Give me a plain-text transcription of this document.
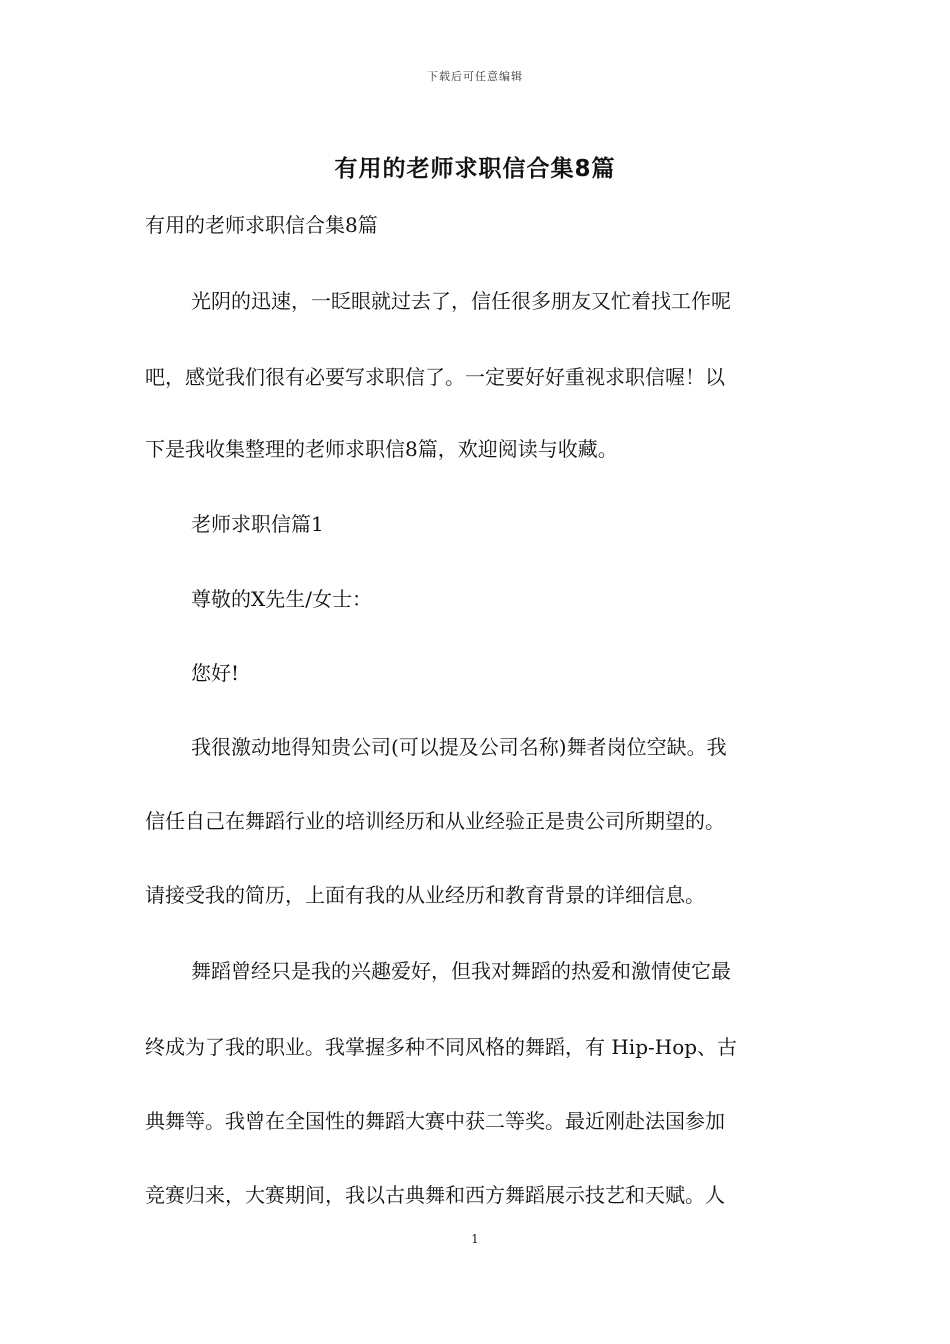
下载后可任意编辑
有用的老师求职信合集8篇
有用的老师求职信合集8篇
光阴的迅速，一眨眼就过去了，信任很多朋友又忙着找工作呢
吧，感觉我们很有必要写求职信了。一定要好好重视求职信喔！以
下是我收集整理的老师求职信8篇，欢迎阅读与收藏。
老师求职信篇1
尊敬的X先生/女士：
您好!
我很激动地得知贵公司(可以提及公司名称)舞者岗位空缺。我
信任自己在舞蹈行业的培训经历和从业经验正是贵公司所期望的。
请接受我的简历，上面有我的从业经历和教育背景的详细信息。
舞蹈曾经只是我的兴趣爱好，但我对舞蹈的热爱和激情使它最
终成为了我的职业。我掌握多种不同风格的舞蹈，有 Hip-Hop、古
典舞等。我曾在全国性的舞蹈大赛中获二等奖。最近刚赴法国参加
竞赛归来，大赛期间，我以古典舞和西方舞蹈展示技艺和天赋。人
1
